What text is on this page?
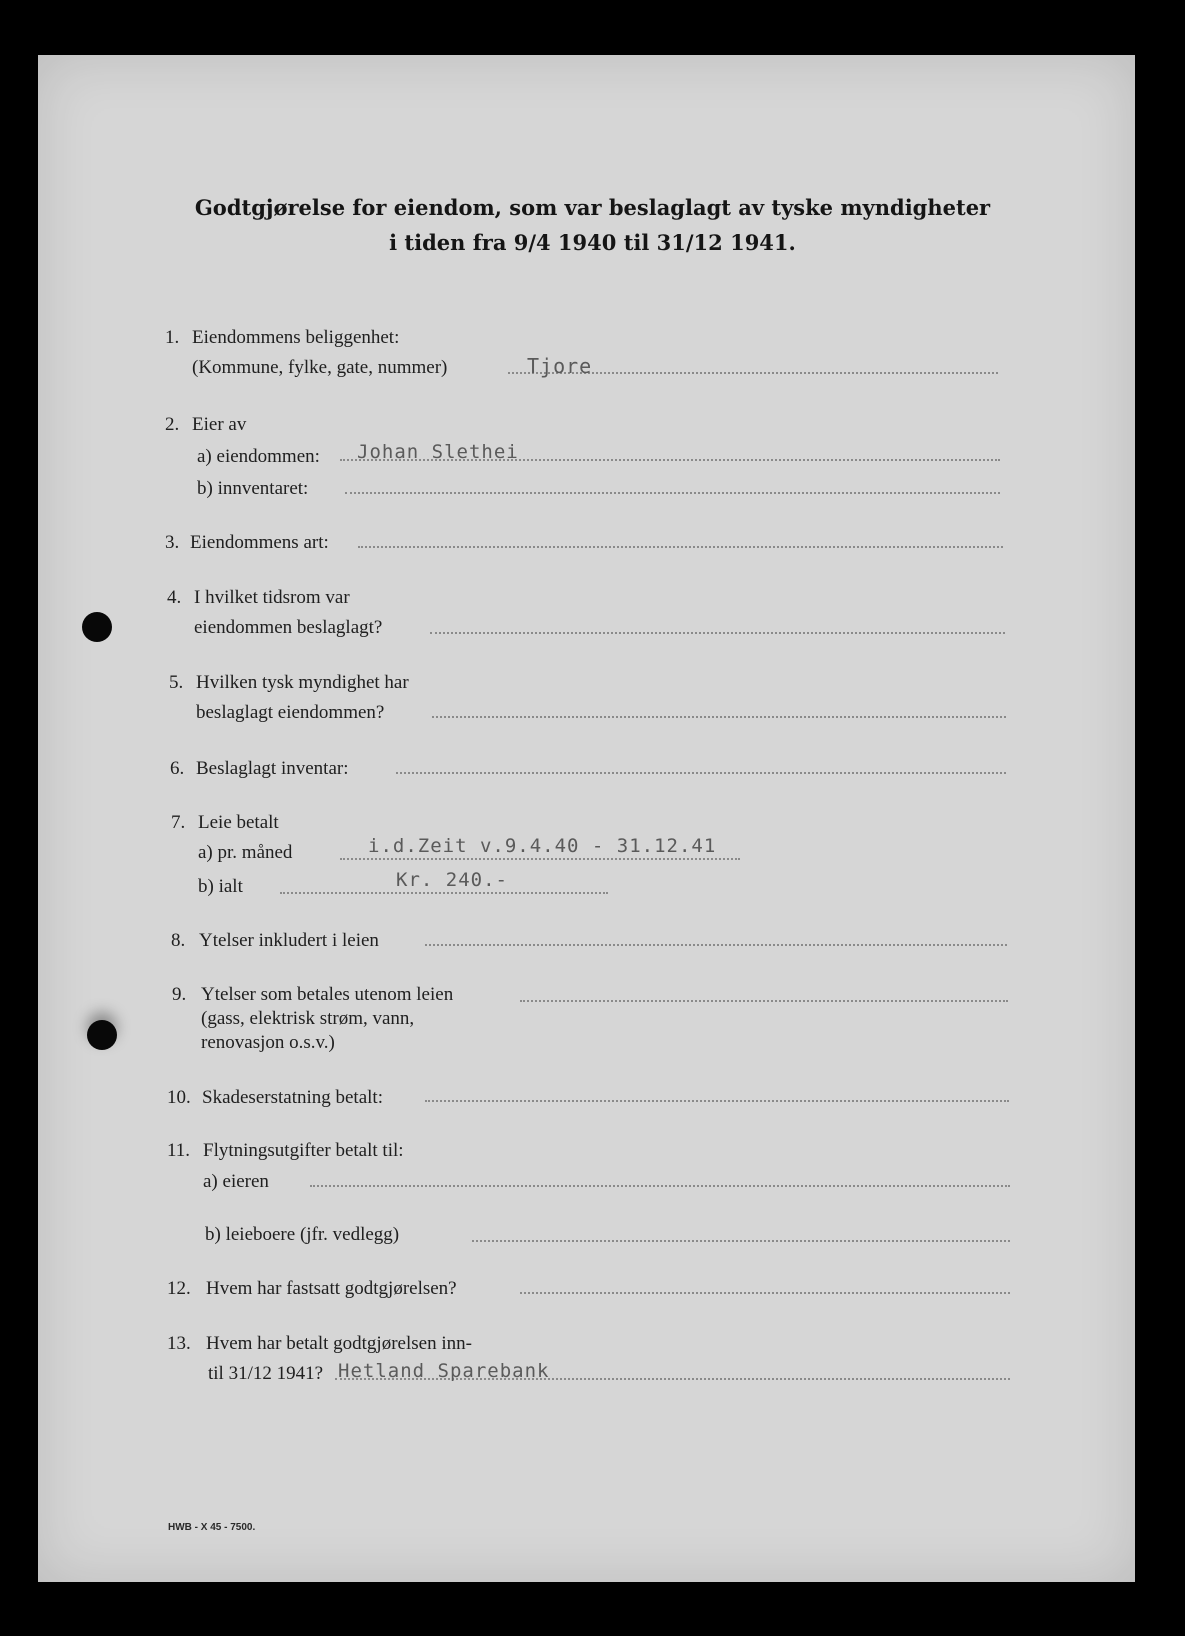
Godtgjørelse for eiendom, som var beslaglagt av tyske myndigheter
i tiden fra 9/4 1940 til 31/12 1941.
1. Eiendommens beliggenhet:
(Kommune, fylke, gate, nummer)	Tjore
2. Eier av
a) eiendommen: Johan Slethei
b) innventaret:
3. Eiendommens art:
4. I hvilket tidsrom var
eiendommen beslaglagt?
5. Hvilken tysk myndighet har
beslaglagt eiendommen?
6. Beslaglagt inventar:
7. Leie betalt
a) pr. måned	i.d.Zeit v.9.4.40 - 31.12.41
b) ialt	Kr. 240.-
8. Ytelser inkludert i leien
9. Ytelser som betales utenom leien
(gass, elektrisk strøm, vann,
renovasjon o.s.v.)
10. Skadeserstatning betalt:
11. Flytningsutgifter betalt til:
a) eieren
b) leieboere (jfr. vedlegg)
12. Hvem har fastsatt godtgjørelsen?
13. Hvem har betalt godtgjørelsen inn-
til 31/12 1941? Hetland Sparebank
HWB - X 45 - 7500.
